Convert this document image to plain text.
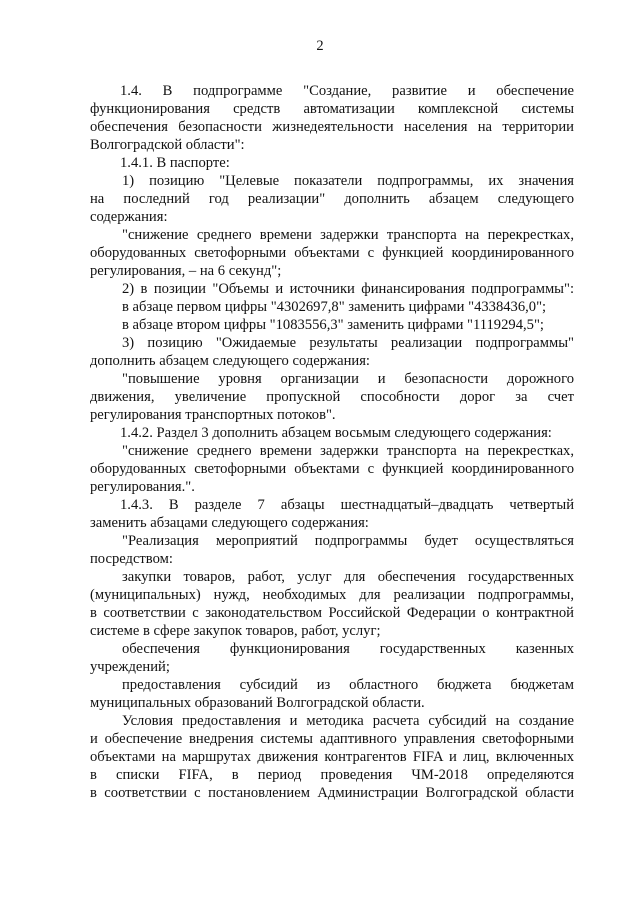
2
1.4. В подпрограмме "Создание, развитие и обеспечение
функционирования средств автоматизации комплексной системы
обеспечения безопасности жизнедеятельности населения на территории
Волгоградской области":
1.4.1. В паспорте:
1) позицию "Целевые показатели подпрограммы, их значения
на последний год реализации" дополнить абзацем следующего
содержания:
"снижение среднего времени задержки транспорта на перекрестках,
оборудованных светофорными объектами с функцией координированного
регулирования, – на 6 секунд";
2) в позиции "Объемы и источники финансирования подпрограммы":
в абзаце первом цифры "4302697,8" заменить цифрами "4338436,0";
в абзаце втором цифры "1083556,3" заменить цифрами "1119294,5";
3) позицию "Ожидаемые результаты реализации подпрограммы"
дополнить абзацем следующего содержания:
"повышение уровня организации и безопасности дорожного
движения, увеличение пропускной способности дорог за счет
регулирования транспортных потоков".
1.4.2. Раздел 3 дополнить абзацем восьмым следующего содержания:
"снижение среднего времени задержки транспорта на перекрестках,
оборудованных светофорными объектами с функцией координированного
регулирования.".
1.4.3. В разделе 7 абзацы шестнадцатый–двадцать четвертый
заменить абзацами следующего содержания:
"Реализация мероприятий подпрограммы будет осуществляться
посредством:
закупки товаров, работ, услуг для обеспечения государственных
(муниципальных) нужд, необходимых для реализации подпрограммы,
в соответствии с законодательством Российской Федерации о контрактной
системе в сфере закупок товаров, работ, услуг;
обеспечения функционирования государственных казенных
учреждений;
предоставления субсидий из областного бюджета бюджетам
муниципальных образований Волгоградской области.
Условия предоставления и методика расчета субсидий на создание
и обеспечение внедрения системы адаптивного управления светофорными
объектами на маршрутах движения контрагентов FIFA и лиц, включенных
в списки FIFA, в период проведения ЧМ-2018 определяются
в соответствии с постановлением Администрации Волгоградской области
